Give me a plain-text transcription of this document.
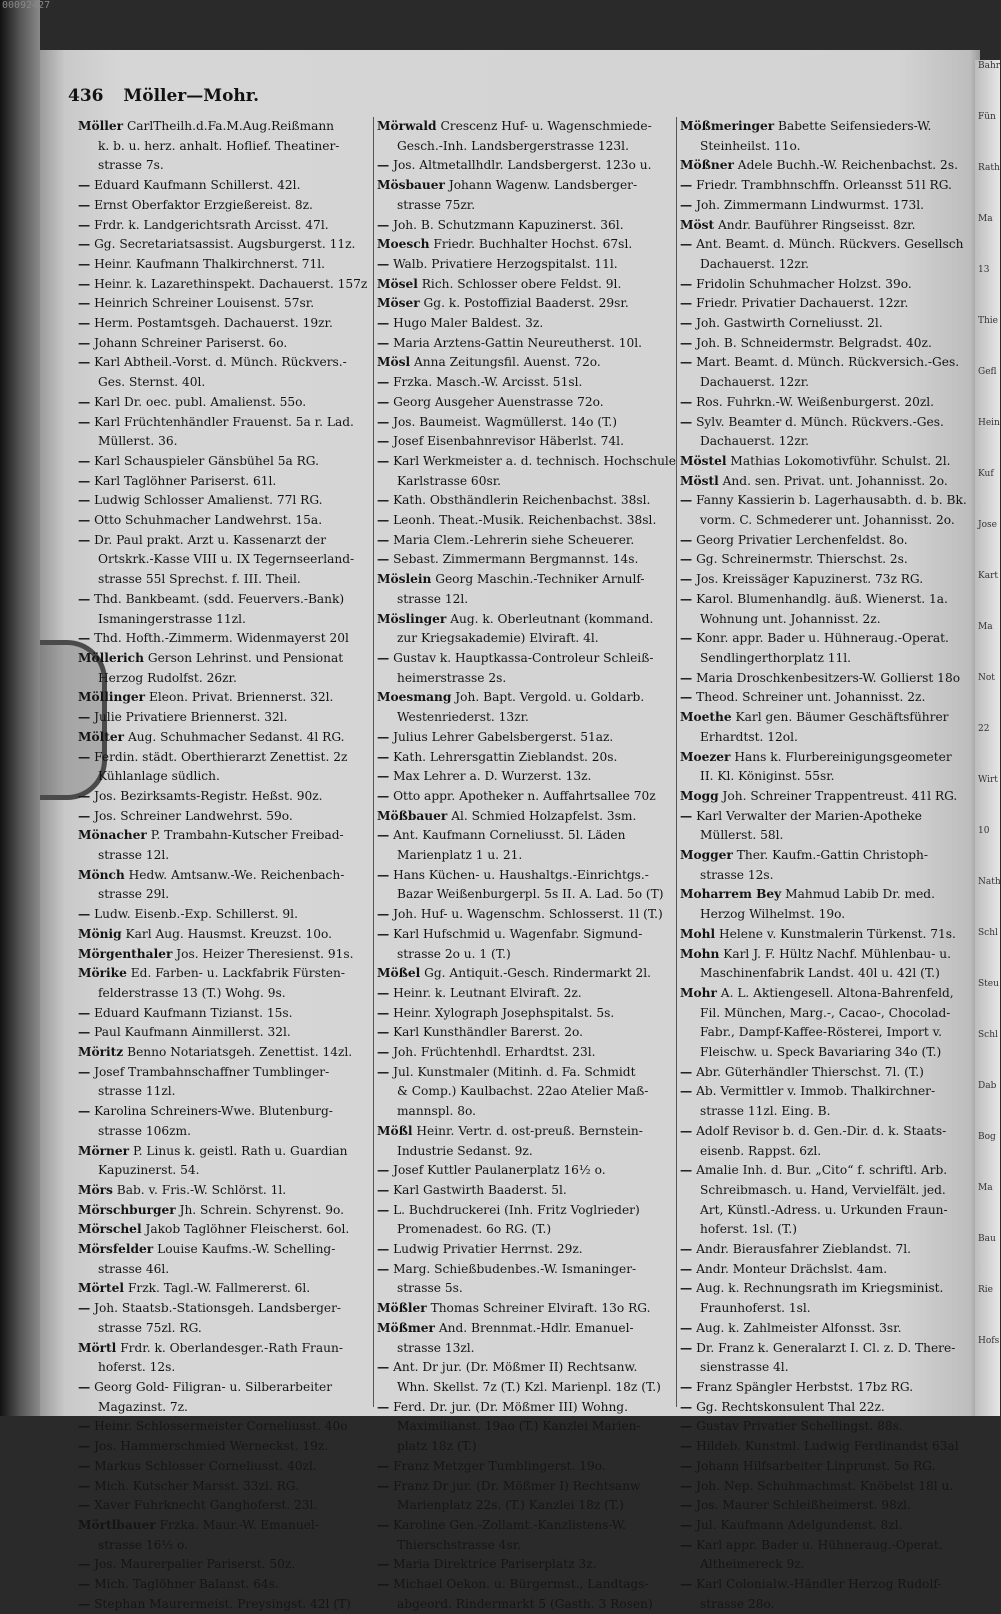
00092427
436 Möller—Mohr.
Möller CarlTheilh.d.Fa.M.Aug.Reißmann
k. b. u. herz. anhalt. Hoflief. Theatiner-
strasse 7s.
— Eduard Kaufmann Schillerst. 42l.
— Ernst Oberfaktor Erzgießereist. 8z.
— Frdr. k. Landgerichtsrath Arcisst. 47l.
— Gg. Secretariatsassist. Augsburgerst. 11z.
— Heinr. Kaufmann Thalkirchnerst. 71l.
— Heinr. k. Lazarethinspekt. Dachauerst. 157z
— Heinrich Schreiner Louisenst. 57sr.
— Herm. Postamtsgeh. Dachauerst. 19zr.
— Johann Schreiner Pariserst. 6o.
— Karl Abtheil.-Vorst. d. Münch. Rückvers.-
Ges. Sternst. 40l.
— Karl Dr. oec. publ. Amalienst. 55o.
— Karl Früchtenhändler Frauenst. 5a r. Lad.
Müllerst. 36.
— Karl Schauspieler Gänsbühel 5a RG.
— Karl Taglöhner Pariserst. 61l.
— Ludwig Schlosser Amalienst. 77l RG.
— Otto Schuhmacher Landwehrst. 15a.
— Dr. Paul prakt. Arzt u. Kassenarzt der
Ortskrk.-Kasse VIII u. IX Tegernseerland-
strasse 55l Sprechst. f. III. Theil.
— Thd. Bankbeamt. (sdd. Feuervers.-Bank)
Ismaningerstrasse 11zl.
— Thd. Hofth.-Zimmerm. Widenmayerst 20l
Möllerich Gerson Lehrinst. und Pensionat
Herzog Rudolfst. 26zr.
Möllinger Eleon. Privat. Briennerst. 32l.
— Julie Privatiere Briennerst. 32l.
Mölter Aug. Schuhmacher Sedanst. 4l RG.
— Ferdin. städt. Oberthierarzt Zenettist. 2z
Kühlanlage südlich.
— Jos. Bezirksamts-Registr. Heßst. 90z.
— Jos. Schreiner Landwehrst. 59o.
Mönacher P. Trambahn-Kutscher Freibad-
strasse 12l.
Mönch Hedw. Amtsanw.-We. Reichenbach-
strasse 29l.
— Ludw. Eisenb.-Exp. Schillerst. 9l.
Mönig Karl Aug. Hausmst. Kreuzst. 10o.
Mörgenthaler Jos. Heizer Theresienst. 91s.
Mörike Ed. Farben- u. Lackfabrik Fürsten-
felderstrasse 13 (T.) Wohg. 9s.
— Eduard Kaufmann Tizianst. 15s.
— Paul Kaufmann Ainmillerst. 32l.
Möritz Benno Notariatsgeh. Zenettist. 14zl.
— Josef Trambahnschaffner Tumblinger-
strasse 11zl.
— Karolina Schreiners-Wwe. Blutenburg-
strasse 106zm.
Mörner P. Linus k. geistl. Rath u. Guardian
Kapuzinerst. 54.
Mörs Bab. v. Fris.-W. Schlörst. 1l.
Mörschburger Jh. Schrein. Schyrenst. 9o.
Mörschel Jakob Taglöhner Fleischerst. 6ol.
Mörsfelder Louise Kaufms.-W. Schelling-
strasse 46l.
Mörtel Frzk. Tagl.-W. Fallmererst. 6l.
— Joh. Staatsb.-Stationsgeh. Landsberger-
strasse 75zl. RG.
Mörtl Frdr. k. Oberlandesger.-Rath Fraun-
hoferst. 12s.
— Georg Gold- Filigran- u. Silberarbeiter
Magazinst. 7z.
— Heinr. Schlossermeister Corneliusst. 40o
— Jos. Hammerschmied Werneckst. 19z.
— Markus Schlosser Corneliusst. 40zl.
— Mich. Kutscher Marsst. 33zl. RG.
— Xaver Fuhrknecht Ganghoferst. 23l.
Mörtlbauer Frzka. Maur.-W. Emanuel-
strasse 16½ o.
— Jos. Maurerpalier Pariserst. 50z.
— Mich. Taglöhner Balanst. 64s.
— Stephan Maurermeist. Preysingst. 42l (T)
Mörwald Crescenz Huf- u. Wagenschmiede-
Gesch.-Inh. Landsbergerstrasse 123l.
— Jos. Altmetallhdlr. Landsbergerst. 123o u.
Mösbauer Johann Wagenw. Landsberger-
strasse 75zr.
— Joh. B. Schutzmann Kapuzinerst. 36l.
Moesch Friedr. Buchhalter Hochst. 67sl.
— Walb. Privatiere Herzogspitalst. 11l.
Mösel Rich. Schlosser obere Feldst. 9l.
Möser Gg. k. Postoffizial Baaderst. 29sr.
— Hugo Maler Baldest. 3z.
— Maria Arztens-Gattin Neureutherst. 10l.
Mösl Anna Zeitungsfil. Auenst. 72o.
— Frzka. Masch.-W. Arcisst. 51sl.
— Georg Ausgeher Auenstrasse 72o.
— Jos. Baumeist. Wagmüllerst. 14o (T.)
— Josef Eisenbahnrevisor Häberlst. 74l.
— Karl Werkmeister a. d. technisch. Hochschule
Karlstrasse 60sr.
— Kath. Obsthändlerin Reichenbachst. 38sl.
— Leonh. Theat.-Musik. Reichenbachst. 38sl.
— Maria Clem.-Lehrerin siehe Scheuerer.
— Sebast. Zimmermann Bergmannst. 14s.
Möslein Georg Maschin.-Techniker Arnulf-
strasse 12l.
Möslinger Aug. k. Oberleutnant (kommand.
zur Kriegsakademie) Elviraft. 4l.
— Gustav k. Hauptkassa-Controleur Schleiß-
heimerstrasse 2s.
Moesmang Joh. Bapt. Vergold. u. Goldarb.
Westenriederst. 13zr.
— Julius Lehrer Gabelsbergerst. 51az.
— Kath. Lehrersgattin Zieblandst. 20s.
— Max Lehrer a. D. Wurzerst. 13z.
— Otto appr. Apotheker n. Auffahrtsallee 70z
Mößbauer Al. Schmied Holzapfelst. 3sm.
— Ant. Kaufmann Corneliusst. 5l. Läden
Marienplatz 1 u. 21.
— Hans Küchen- u. Haushaltgs.-Einrichtgs.-
Bazar Weißenburgerpl. 5s II. A. Lad. 5o (T)
— Joh. Huf- u. Wagenschm. Schlosserst. 1l (T.)
— Karl Hufschmid u. Wagenfabr. Sigmund-
strasse 2o u. 1 (T.)
Mößel Gg. Antiquit.-Gesch. Rindermarkt 2l.
— Heinr. k. Leutnant Elviraft. 2z.
— Heinr. Xylograph Josephspitalst. 5s.
— Karl Kunsthändler Barerst. 2o.
— Joh. Früchtenhdl. Erhardtst. 23l.
— Jul. Kunstmaler (Mitinh. d. Fa. Schmidt
& Comp.) Kaulbachst. 22ao Atelier Maß-
mannspl. 8o.
Mößl Heinr. Vertr. d. ost-preuß. Bernstein-
Industrie Sedanst. 9z.
— Josef Kuttler Paulanerplatz 16½ o.
— Karl Gastwirth Baaderst. 5l.
— L. Buchdruckerei (Inh. Fritz Voglrieder)
Promenadest. 6o RG. (T.)
— Ludwig Privatier Herrnst. 29z.
— Marg. Schießbudenbes.-W. Ismaninger-
strasse 5s.
Mößler Thomas Schreiner Elviraft. 13o RG.
Mößmer And. Brennmat.-Hdlr. Emanuel-
strasse 13zl.
— Ant. Dr jur. (Dr. Mößmer II) Rechtsanw.
Whn. Skellst. 7z (T.) Kzl. Marienpl. 18z (T.)
— Ferd. Dr. jur. (Dr. Mößmer III) Wohng.
Maximilianst. 19ao (T.) Kanzlei Marien-
platz 18z (T.)
— Franz Metzger Tumblingerst. 19o.
— Franz Dr jur. (Dr. Mößmer I) Rechtsanw
Marienplatz 22s. (T.) Kanzlei 18z (T.)
— Karoline Gen.-Zollamt.-Kanzlistens-W.
Thierschstrasse 4sr.
— Maria Direktrice Pariserplatz 3z.
— Michael Oekon. u. Bürgermst., Landtags-
abgeord. Rindermarkt 5 (Gasth. 3 Rosen)
Mößmeringer Babette Seifensieders-W.
Steinheilst. 11o.
Mößner Adele Buchh.-W. Reichenbachst. 2s.
— Friedr. Trambhnschffn. Orleansst 51l RG.
— Joh. Zimmermann Lindwurmst. 173l.
Möst Andr. Bauführer Ringseisst. 8zr.
— Ant. Beamt. d. Münch. Rückvers. Gesellsch
Dachauerst. 12zr.
— Fridolin Schuhmacher Holzst. 39o.
— Friedr. Privatier Dachauerst. 12zr.
— Joh. Gastwirth Corneliusst. 2l.
— Joh. B. Schneidermstr. Belgradst. 40z.
— Mart. Beamt. d. Münch. Rückversich.-Ges.
Dachauerst. 12zr.
— Ros. Fuhrkn.-W. Weißenburgerst. 20zl.
— Sylv. Beamter d. Münch. Rückvers.-Ges.
Dachauerst. 12zr.
Möstel Mathias Lokomotivführ. Schulst. 2l.
Möstl And. sen. Privat. unt. Johannisst. 2o.
— Fanny Kassierin b. Lagerhausabth. d. b. Bk.
vorm. C. Schmederer unt. Johannisst. 2o.
— Georg Privatier Lerchenfeldst. 8o.
— Gg. Schreinermstr. Thierschst. 2s.
— Jos. Kreissäger Kapuzinerst. 73z RG.
— Karol. Blumenhandlg. äuß. Wienerst. 1a.
Wohnung unt. Johannisst. 2z.
— Konr. appr. Bader u. Hühneraug.-Operat.
Sendlingerthorplatz 11l.
— Maria Droschkenbesitzers-W. Gollierst 18o
— Theod. Schreiner unt. Johannisst. 2z.
Moethe Karl gen. Bäumer Geschäftsführer
Erhardtst. 12ol.
Moezer Hans k. Flurbereinigungsgeometer
II. Kl. Königinst. 55sr.
Mogg Joh. Schreiner Trappentreust. 41l RG.
— Karl Verwalter der Marien-Apotheke
Müllerst. 58l.
Mogger Ther. Kaufm.-Gattin Christoph-
strasse 12s.
Moharrem Bey Mahmud Labib Dr. med.
Herzog Wilhelmst. 19o.
Mohl Helene v. Kunstmalerin Türkenst. 71s.
Mohn Karl J. F. Hültz Nachf. Mühlenbau- u.
Maschinenfabrik Landst. 40l u. 42l (T.)
Mohr A. L. Aktiengesell. Altona-Bahrenfeld,
Fil. München, Marg.-, Cacao-, Chocolad-
Fabr., Dampf-Kaffee-Rösterei, Import v.
Fleischw. u. Speck Bavariaring 34o (T.)
— Abr. Güterhändler Thierschst. 7l. (T.)
— Ab. Vermittler v. Immob. Thalkirchner-
strasse 11zl. Eing. B.
— Adolf Revisor b. d. Gen.-Dir. d. k. Staats-
eisenb. Rappst. 6zl.
— Amalie Inh. d. Bur. „Cito“ f. schriftl. Arb.
Schreibmasch. u. Hand, Vervielfält. jed.
Art, Künstl.-Adress. u. Urkunden Fraun-
hoferst. 1sl. (T.)
— Andr. Bierausfahrer Zieblandst. 7l.
— Andr. Monteur Drächslst. 4am.
— Aug. k. Rechnungsrath im Kriegsminist.
Fraunhoferst. 1sl.
— Aug. k. Zahlmeister Alfonsst. 3sr.
— Dr. Franz k. Generalarzt I. Cl. z. D. There-
sienstrasse 4l.
— Franz Spängler Herbstst. 17bz RG.
— Gg. Rechtskonsulent Thal 22z.
— Gustav Privatier Schellingst. 88s.
— Hildeb. Kunstml. Ludwig Ferdinandst 63al
— Johann Hilfsarbeiter Linprunst. 5o RG.
— Joh. Nep. Schuhmachmst. Knöbelst 18l u.
— Jos. Maurer Schleißheimerst. 98zl.
— Jul. Kaufmann Adelgundenst. 8zl.
— Karl appr. Bader u. Hühneraug.-Operat.
Altheimereck 9z.
— Karl Colonialw.-Händler Herzog Rudolf-
strasse 28o.
Bahr
Fün
Rath
Ma
13
Thie
Gefl
Hein
Kuf
Jose
Kart
Ma
Not
22
Wirt
10
Nath
Schl
Steu
Schl
Dab
Bog
Ma
Bau
Rie
Hofs
